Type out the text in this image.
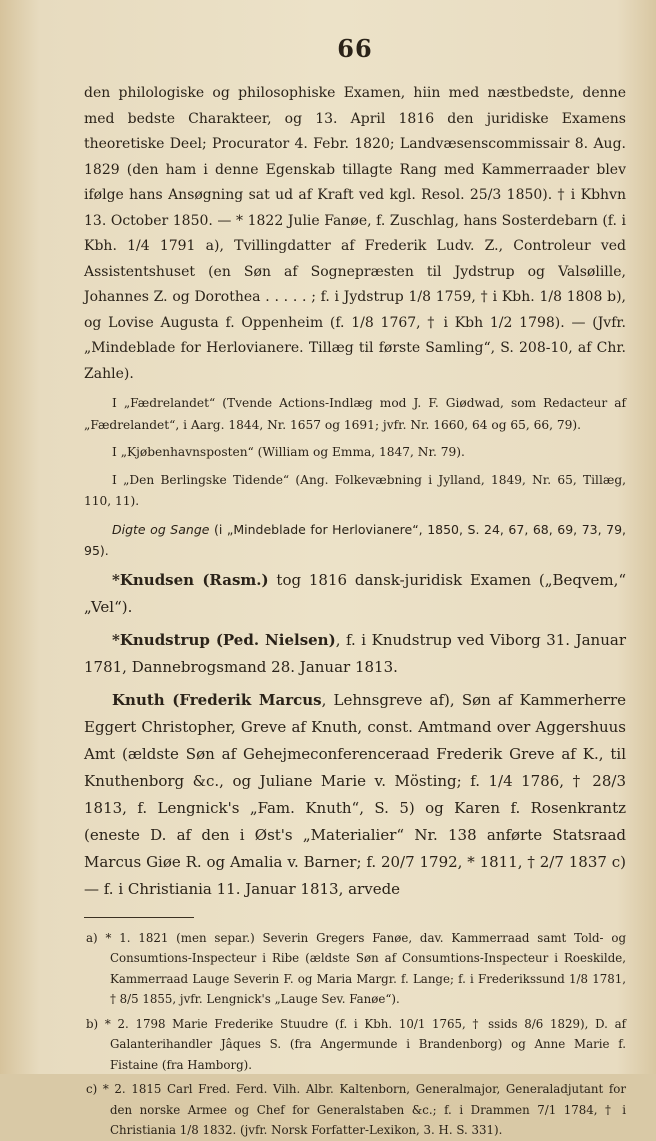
66

den philologiske og philosophiske Examen, hiin med næstbedste, denne med bedste Charakteer, og 13. April 1816 den juridiske Examens theoretiske Deel; Procurator 4. Febr. 1820; Landvæsenscommissair 8. Aug. 1829 (den ham i denne Egenskab tillagte Rang med Kammerraader blev ifølge hans Ansøgning sat ud af Kraft ved kgl. Resol. 25/3 1850). † i Kbhvn 13. October 1850. — * 1822 Julie Fanøe, f. Zuschlag, hans Sosterdebarn (f. i Kbh. 1/4 1791 a), Tvillingdatter af Frederik Ludv. Z., Controleur ved Assistentshuset (en Søn af Sognepræsten til Jydstrup og Valsølille, Johannes Z. og Dorothea . . . . . ; f. i Jydstrup 1/8 1759, † i Kbh. 1/8 1808 b), og Lovise Augusta f. Oppenheim (f. 1/8 1767, † i Kbh 1/2 1798). — (Jvfr. „Mindeblade for Herlovianere. Tillæg til første Samling“, S. 208-10, af Chr. Zahle).

I „Fædrelandet“ (Tvende Actions-Indlæg mod J. F. Giødwad, som Redacteur af „Fædrelandet“, i Aarg. 1844, Nr. 1657 og 1691; jvfr. Nr. 1660, 64 og 65, 66, 79).

I „Kjøbenhavnsposten“ (William og Emma, 1847, Nr. 79).

I „Den Berlingske Tidende“ (Ang. Folkevæbning i Jylland, 1849, Nr. 65, Tillæg, 110, 11).

Digte og Sange (i „Mindeblade for Herlovianere“, 1850, S. 24, 67, 68, 69, 73, 79, 95).

*Knudsen (Rasm.) tog 1816 dansk-juridisk Examen („Beqvem,“ „Vel“).

*Knudstrup (Ped. Nielsen), f. i Knudstrup ved Viborg 31. Januar 1781, Dannebrogsmand 28. Januar 1813.

Knuth (Frederik Marcus, Lehnsgreve af), Søn af Kammerherre Eggert Christopher, Greve af Knuth, const. Amtmand over Aggershuus Amt (ældste Søn af Gehejmeconferenceraad Frederik Greve af K., til Knuthenborg &c., og Juliane Marie v. Mösting; f. 1/4 1786, † 28/3 1813, f. Lengnick's „Fam. Knuth“, S. 5) og Karen f. Rosenkrantz (eneste D. af den i Øst's „Materialier“ Nr. 138 anførte Statsraad Marcus Giøe R. og Amalia v. Barner; f. 20/7 1792, * 1811, † 2/7 1837 c) — f. i Christiania 11. Januar 1813, arvede

a) * 1. 1821 (men separ.) Severin Gregers Fanøe, dav. Kammerraad samt Told- og Consumtions-Inspecteur i Ribe (ældste Søn af Consumtions-Inspecteur i Roeskilde, Kammerraad Lauge Severin F. og Maria Margr. f. Lange; f. i Frederikssund 1/8 1781, † 8/5 1855, jvfr. Lengnick's „Lauge Sev. Fanøe“).

b) * 2. 1798 Marie Frederike Stuudre (f. i Kbh. 10/1 1765, † ssids 8/6 1829), D. af Galanterihandler Jâques S. (fra Angermunde i Brandenborg) og Anne Marie f. Fistaine (fra Hamborg).

c) * 2. 1815 Carl Fred. Ferd. Vilh. Albr. Kaltenborn, Generalmajor, Generaladjutant for den norske Armee og Chef for Generalstaben &c.; f. i Drammen 7/1 1784, † i Christiania 1/8 1832. (jvfr. Norsk Forfatter-Lexikon, 3. H. S. 331).
